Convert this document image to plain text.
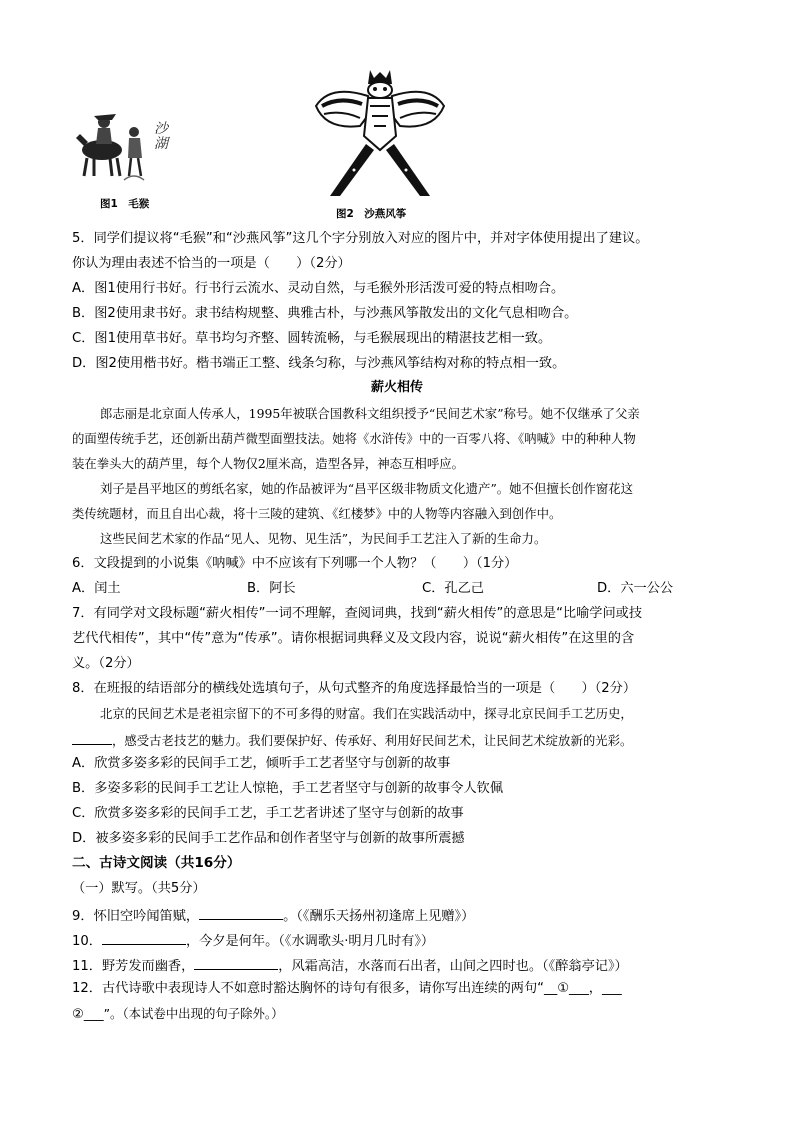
沙湖
图1　毛猴
图2　沙燕风筝
5．同学们提议将“毛猴”和“沙燕风筝”这几个字分别放入对应的图片中，并对字体使用提出了建议。
你认为理由表述不恰当的一项是（　　）（2分）
A．图1使用行书好。行书行云流水、灵动自然，与毛猴外形活泼可爱的特点相吻合。
B．图2使用隶书好。隶书结构规整、典雅古朴，与沙燕风筝散发出的文化气息相吻合。
C．图1使用草书好。草书均匀齐整、圆转流畅，与毛猴展现出的精湛技艺相一致。
D．图2使用楷书好。楷书端正工整、线条匀称，与沙燕风筝结构对称的特点相一致。
薪火相传
郎志丽是北京面人传承人，1995年被联合国教科文组织授予“民间艺术家”称号。她不仅继承了父亲
的面塑传统手艺，还创新出葫芦微型面塑技法。她将《水浒传》中的一百零八将、《呐喊》中的种种人物
装在拳头大的葫芦里，每个人物仅2厘米高，造型各异，神态互相呼应。
刘子是昌平地区的剪纸名家，她的作品被评为“昌平区级非物质文化遗产”。她不但擅长创作窗花这
类传统题材，而且自出心裁，将十三陵的建筑、《红楼梦》中的人物等内容融入到创作中。
这些民间艺术家的作品“见人、见物、见生活”，为民间手工艺注入了新的生命力。
6．文段提到的小说集《呐喊》中不应该有下列哪一个人物？（　　）（1分）
A．闰土	B．阿长	C．孔乙己	D．六一公公
7．有同学对文段标题“薪火相传”一词不理解，查阅词典，找到“薪火相传”的意思是“比喻学问或技
艺代代相传”，其中“传”意为“传承”。请你根据词典释义及文段内容，说说“薪火相传”在这里的含
义。（2分）
8．在班报的结语部分的横线处选填句子，从句式整齐的角度选择最恰当的一项是（　　）（2分）
北京的民间艺术是老祖宗留下的不可多得的财富。我们在实践活动中，探寻北京民间手工艺历史，
，感受古老技艺的魅力。我们要保护好、传承好、利用好民间艺术，让民间艺术绽放新的光彩。
A．欣赏多姿多彩的民间手工艺，倾听手工艺者坚守与创新的故事
B．多姿多彩的民间手工艺让人惊艳，手工艺者坚守与创新的故事令人钦佩
C．欣赏多姿多彩的民间手工艺，手工艺者讲述了坚守与创新的故事
D．被多姿多彩的民间手工艺作品和创作者坚守与创新的故事所震撼
二、古诗文阅读（共16分）
（一）默写。（共5分）
9．怀旧空吟闻笛赋，	。（《酬乐天扬州初逢席上见赠》）
10．	，今夕是何年。（《水调歌头·明月几时有》）
11．野芳发而幽香，	，风霜高洁，水落而石出者，山间之四时也。（《醉翁亭记》）
12．古代诗歌中表现诗人不如意时豁达胸怀的诗句有很多，请你写出连续的两句“__①___，___
②___”。（本试卷中出现的句子除外。）
